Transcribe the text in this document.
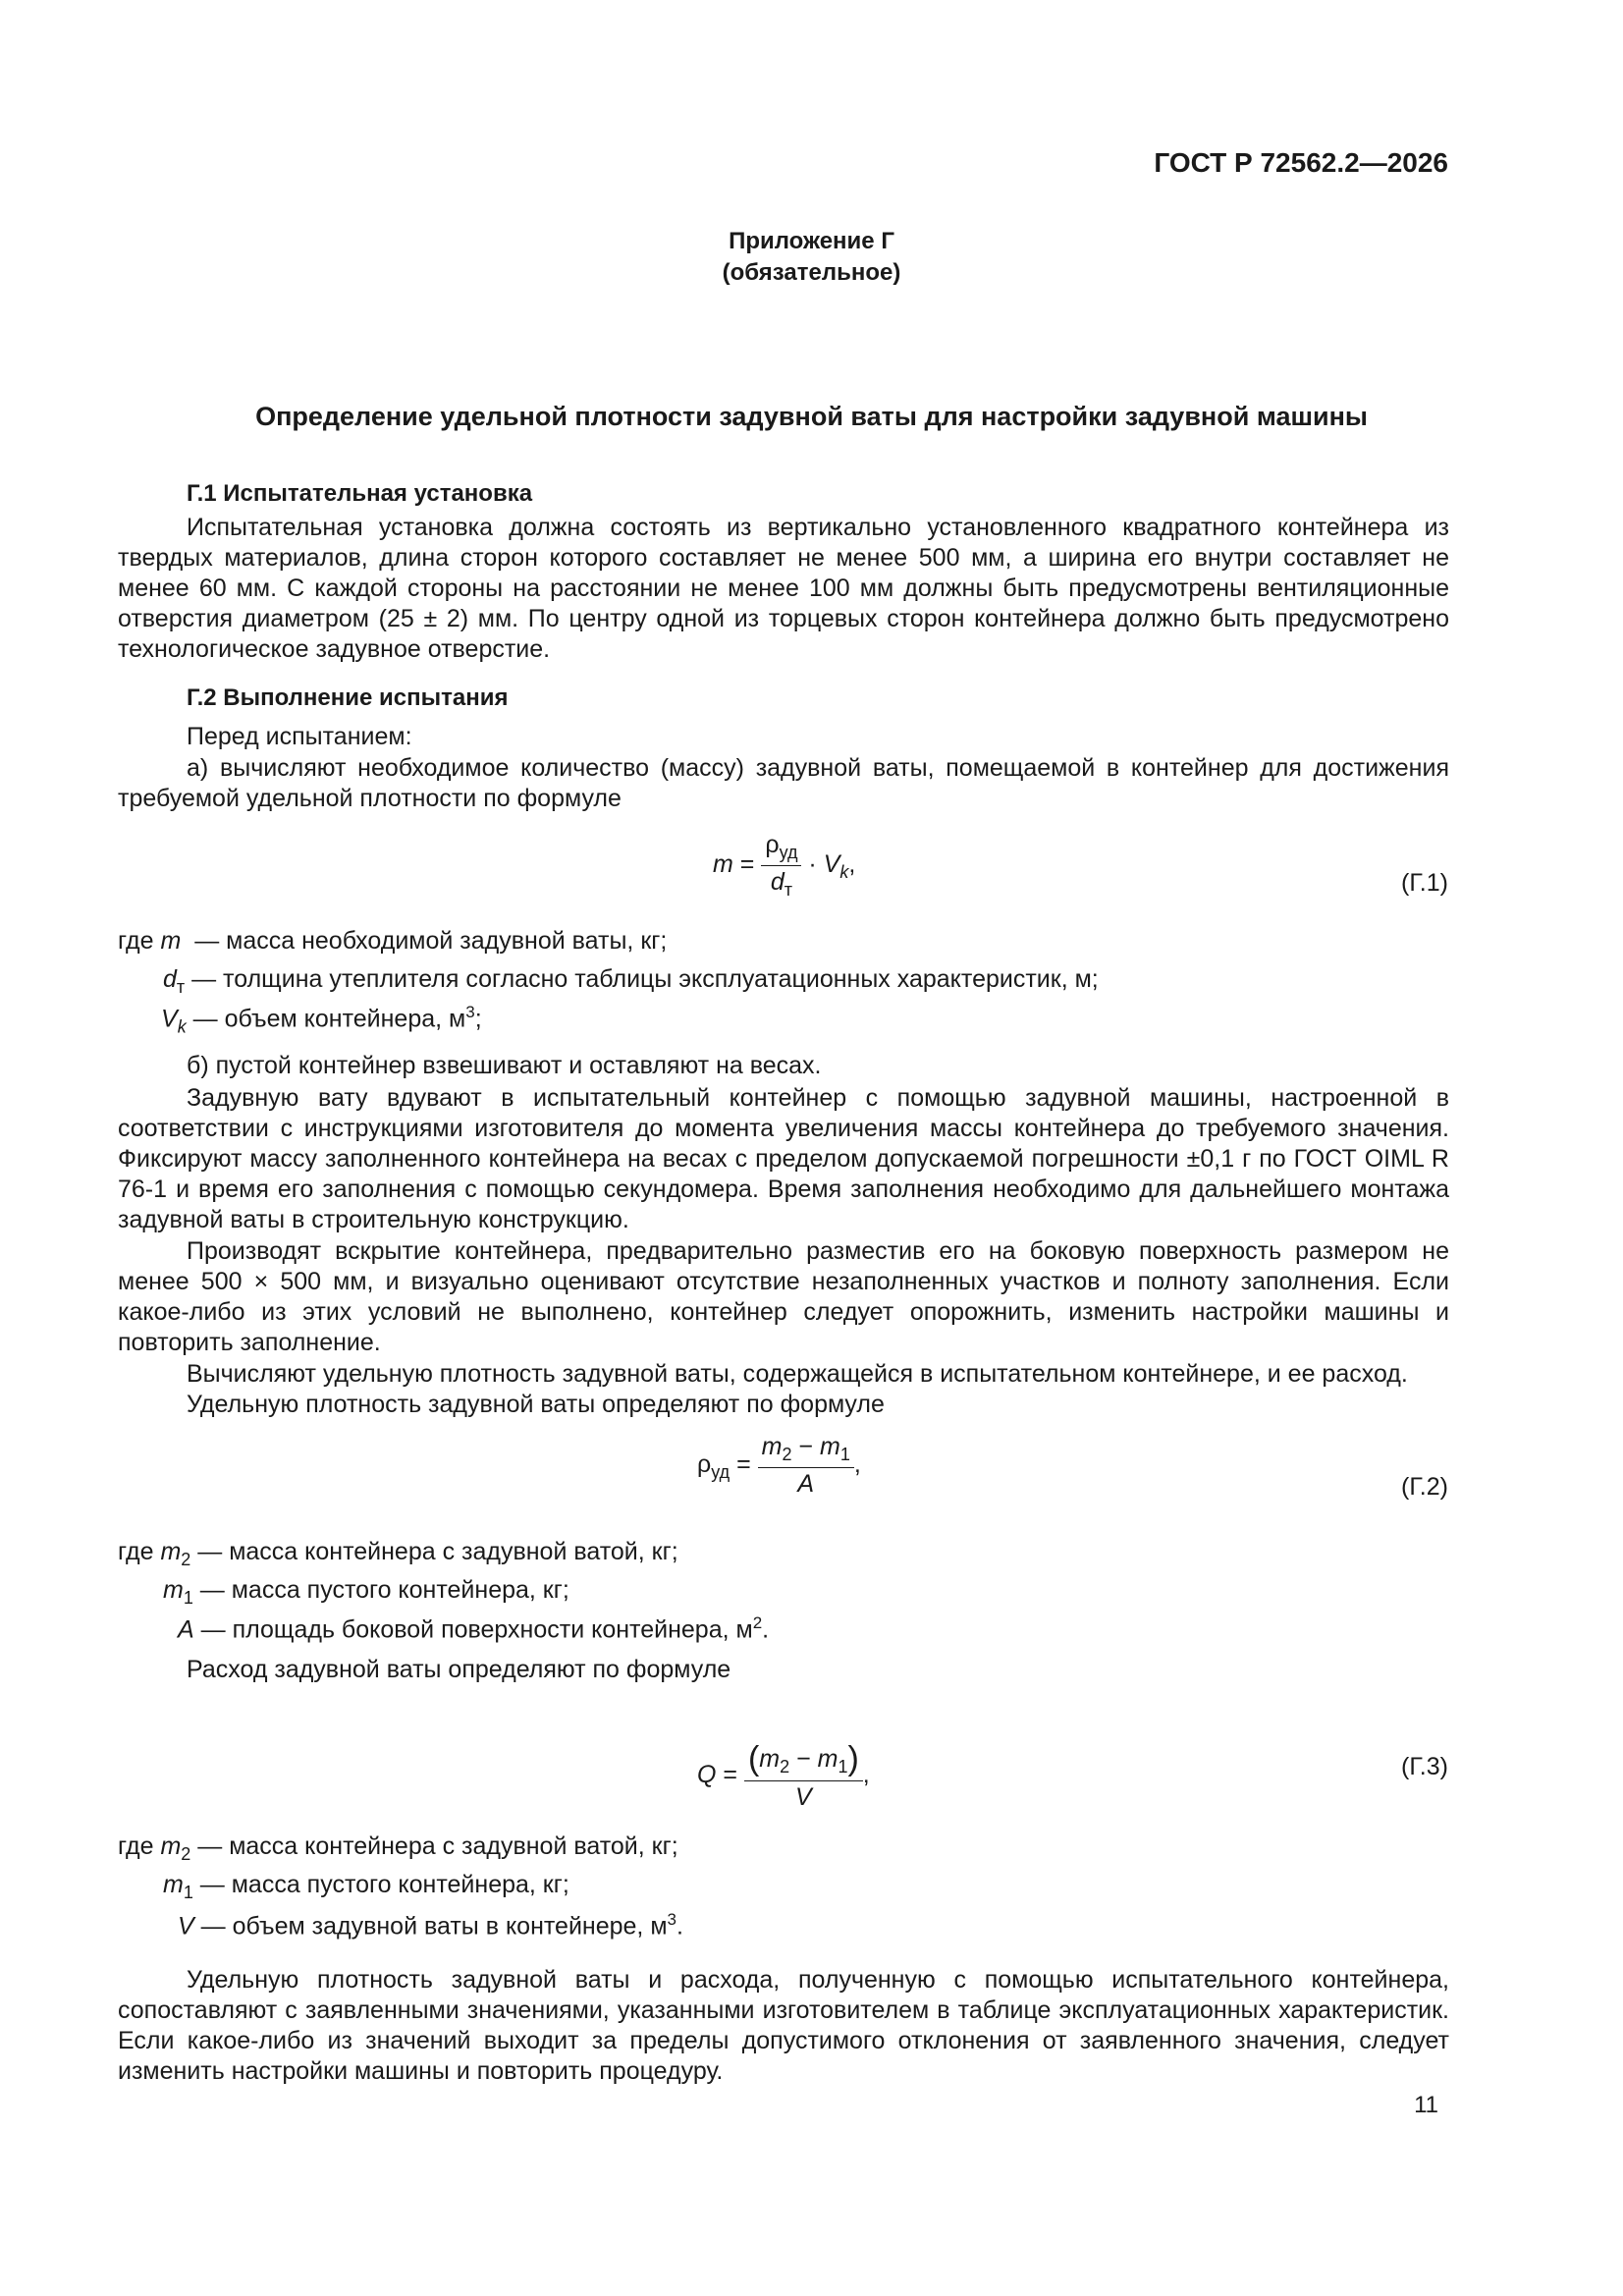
ГОСТ Р 72562.2—2026
Приложение Г
(обязательное)
Определение удельной плотности задувной ваты для настройки задувной машины
Г.1 Испытательная установка

Испытательная установка должна состоять из вертикально установленного квадратного контейнера из твердых материалов, длина сторон которого составляет не менее 500 мм, а ширина его внутри составляет не менее 60 мм. С каждой стороны на расстоянии не менее 100 мм должны быть предусмотрены вентиляционные отверстия диаметром (25 ± 2) мм. По центру одной из торцевых сторон контейнера должно быть предусмотрено технологическое задувное отверстие.

Г.2 Выполнение испытания
Перед испытанием:

а) вычисляют необходимое количество (массу) задувной ваты, помещаемой в контейнер для достижения требуемой удельной плотности по формуле

$m = \frac{\rho_{уд}}{d_т} \cdot V_k$,
(Г.1)
где m — масса необходимой задувной ваты, кг;
$d_т$ — толщина утеплителя согласно таблицы эксплуатационных характеристик, м;
$V_k$ — объем контейнера, $м^3$;
б) пустой контейнер взвешивают и оставляют на весах.

Задувную вату вдувают в испытательный контейнер с помощью задувной машины, настроенной в соответствии с инструкциями изготовителя до момента увеличения массы контейнера до требуемого значения. Фиксируют массу заполненного контейнера на весах с пределом допускаемой погрешности ±0,1 г по ГОСТ OIML R 76-1 и время его заполнения с помощью секундомера. Время заполнения необходимо для дальнейшего монтажа задувной ваты в строительную конструкцию.

Производят вскрытие контейнера, предварительно разместив его на боковую поверхность размером не менее 500 × 500 мм, и визуально оценивают отсутствие незаполненных участков и полноту заполнения. Если какое-либо из этих условий не выполнено, контейнер следует опорожнить, изменить настройки машины и повторить заполнение.

Вычисляют удельную плотность задувной ваты, содержащейся в испытательном контейнере, и ее расход.
Удельную плотность задувной ваты определяют по формуле
$\rho_{уд} = \frac{m_2 - m_1}{A}$ ,
(Г.2)
где $m_2$ — масса контейнера с задувной ватой, кг;
$m_1$ — масса пустого контейнера, кг;
A — площадь боковой поверхности контейнера, $м^2$.
Расход задувной ваты определяют по формуле
$Q = \frac{(m_2 - m_1)}{V}$ ,	(Г.3)
где $m_2$ — масса контейнера с задувной ватой, кг;
$m_1$ — масса пустого контейнера, кг;
V — объем задувной ваты в контейнере, $м^3$.

Удельную плотность задувной ваты и расхода, полученную с помощью испытательного контейнера, сопоставляют с заявленными значениями, указанными изготовителем в таблице эксплуатационных характеристик. Если какое-либо из значений выходит за пределы допустимого отклонения от заявленного значения, следует изменить настройки машины и повторить процедуру.

11
